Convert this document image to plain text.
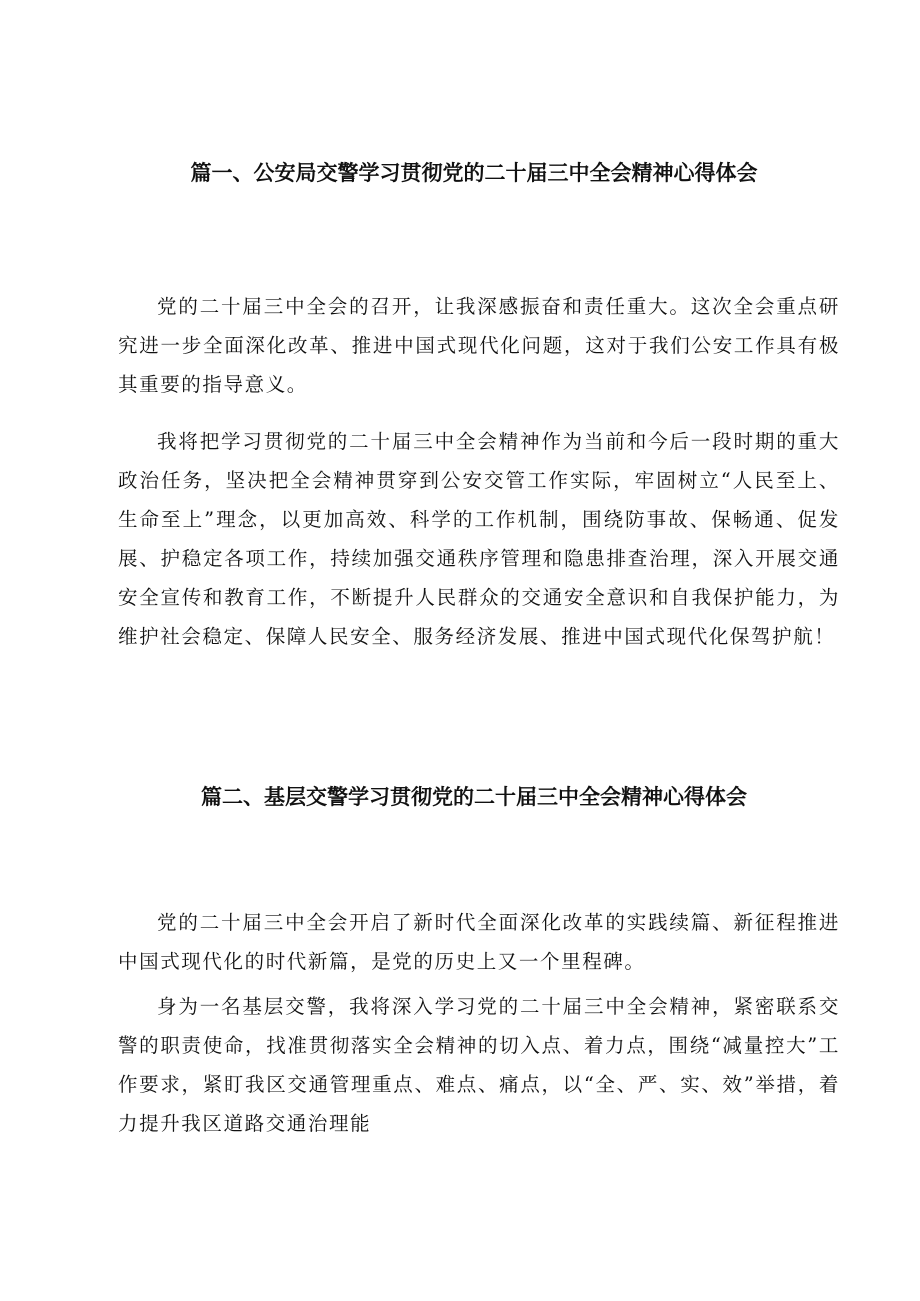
篇一、公安局交警学习贯彻党的二十届三中全会精神心得体会

党的二十届三中全会的召开，让我深感振奋和责任重大。这次全会重点研究进一步全面深化改革、推进中国式现代化问题，这对于我们公安工作具有极其重要的指导意义。

我将把学习贯彻党的二十届三中全会精神作为当前和今后一段时期的重大政治任务，坚决把全会精神贯穿到公安交管工作实际，牢固树立“人民至上、生命至上”理念，以更加高效、科学的工作机制，围绕防事故、保畅通、促发展、护稳定各项工作，持续加强交通秩序管理和隐患排查治理，深入开展交通安全宣传和教育工作，不断提升人民群众的交通安全意识和自我保护能力，为维护社会稳定、保障人民安全、服务经济发展、推进中国式现代化保驾护航！

篇二、基层交警学习贯彻党的二十届三中全会精神心得体会

党的二十届三中全会开启了新时代全面深化改革的实践续篇、新征程推进中国式现代化的时代新篇，是党的历史上又一个里程碑。

身为一名基层交警，我将深入学习党的二十届三中全会精神，紧密联系交警的职责使命，找准贯彻落实全会精神的切入点、着力点，围绕“减量控大”工作要求，紧盯我区交通管理重点、难点、痛点，以“全、严、实、效”举措，着力提升我区道路交通治理能
